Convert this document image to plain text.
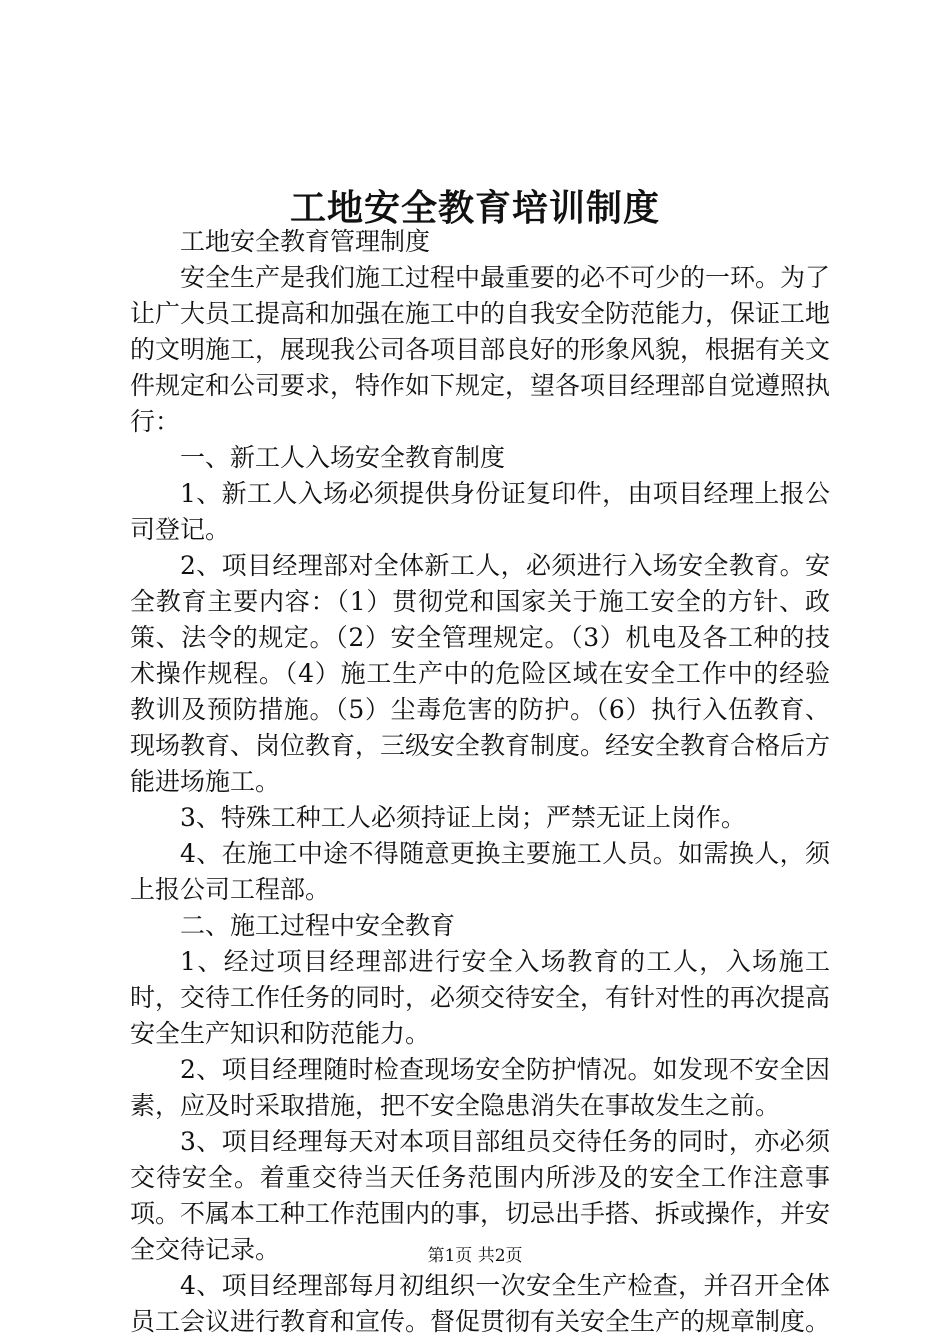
工地安全教育培训制度

工地安全教育管理制度

安全生产是我们施工过程中最重要的必不可少的一环。为了让广大员工提高和加强在施工中的自我安全防范能力，保证工地的文明施工，展现我公司各项目部良好的形象风貌，根据有关文件规定和公司要求，特作如下规定，望各项目经理部自觉遵照执行：

一、新工人入场安全教育制度

1、新工人入场必须提供身份证复印件，由项目经理上报公司登记。

2、项目经理部对全体新工人，必须进行入场安全教育。安全教育主要内容：（1）贯彻党和国家关于施工安全的方针、政策、法令的规定。（2）安全管理规定。（3）机电及各工种的技术操作规程。（4）施工生产中的危险区域在安全工作中的经验教训及预防措施。（5）尘毒危害的防护。（6）执行入伍教育、现场教育、岗位教育，三级安全教育制度。经安全教育合格后方能进场施工。

3、特殊工种工人必须持证上岗；严禁无证上岗作。

4、在施工中途不得随意更换主要施工人员。如需换人，须上报公司工程部。

二、施工过程中安全教育

1、经过项目经理部进行安全入场教育的工人，入场施工时，交待工作任务的同时，必须交待安全，有针对性的再次提高安全生产知识和防范能力。

2、项目经理随时检查现场安全防护情况。如发现不安全因素，应及时采取措施，把不安全隐患消失在事故发生之前。

3、项目经理每天对本项目部组员交待任务的同时，亦必须交待安全。着重交待当天任务范围内所涉及的安全工作注意事项。不属本工种工作范围内的事，切忌出手搭、拆或操作，并安全交待记录。

4、项目经理部每月初组织一次安全生产检查，并召开全体员工会议进行教育和宣传。督促贯彻有关安全生产的规章制度。

第1页 共2页
